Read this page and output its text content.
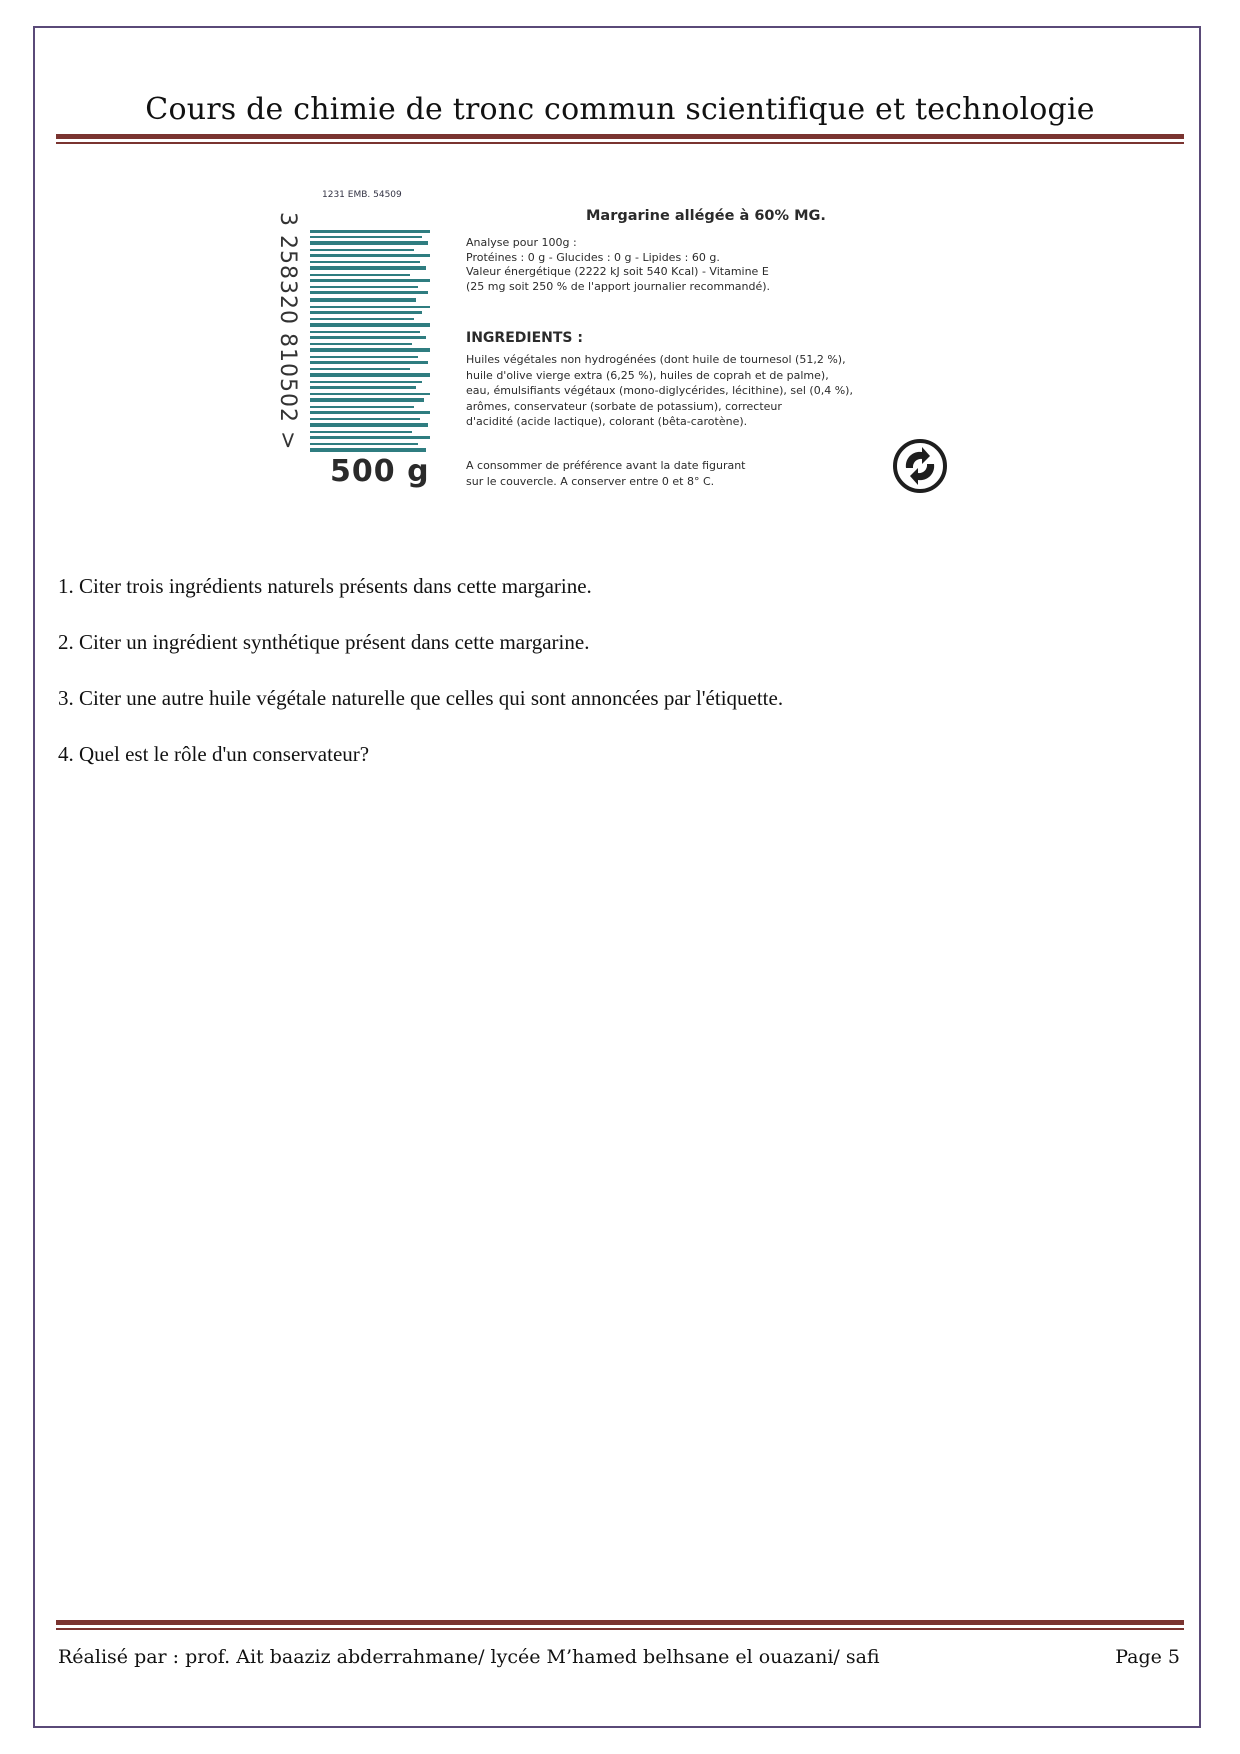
Cours de chimie de tronc commun scientifique et technologie
1231 EMB. 54509
3 258320 810502 >
500 g
Margarine allégée à 60% MG.
Analyse pour 100g :
Protéines : 0 g - Glucides : 0 g - Lipides : 60 g.
Valeur énergétique (2222 kJ soit 540 Kcal) - Vitamine E
(25 mg soit 250 % de l'apport journalier recommandé).
INGREDIENTS :
Huiles végétales non hydrogénées (dont huile de tournesol (51,2 %),
huile d'olive vierge extra (6,25 %), huiles de coprah et de palme),
eau, émulsifiants végétaux (mono-diglycérides, lécithine), sel (0,4 %),
arômes, conservateur (sorbate de potassium), correcteur
d'acidité (acide lactique), colorant (bêta-carotène).
A consommer de préférence avant la date figurant
sur le couvercle. A conserver entre 0 et 8° C.
1. Citer trois ingrédients naturels présents dans cette margarine.
2. Citer un ingrédient synthétique présent dans cette margarine.
3. Citer une autre huile végétale naturelle que celles qui sont annoncées par l'étiquette.
4. Quel est le rôle d'un conservateur?
Réalisé par : prof. Ait baaziz abderrahmane/ lycée M’hamed belhsane el ouazani/ safi	Page 5
